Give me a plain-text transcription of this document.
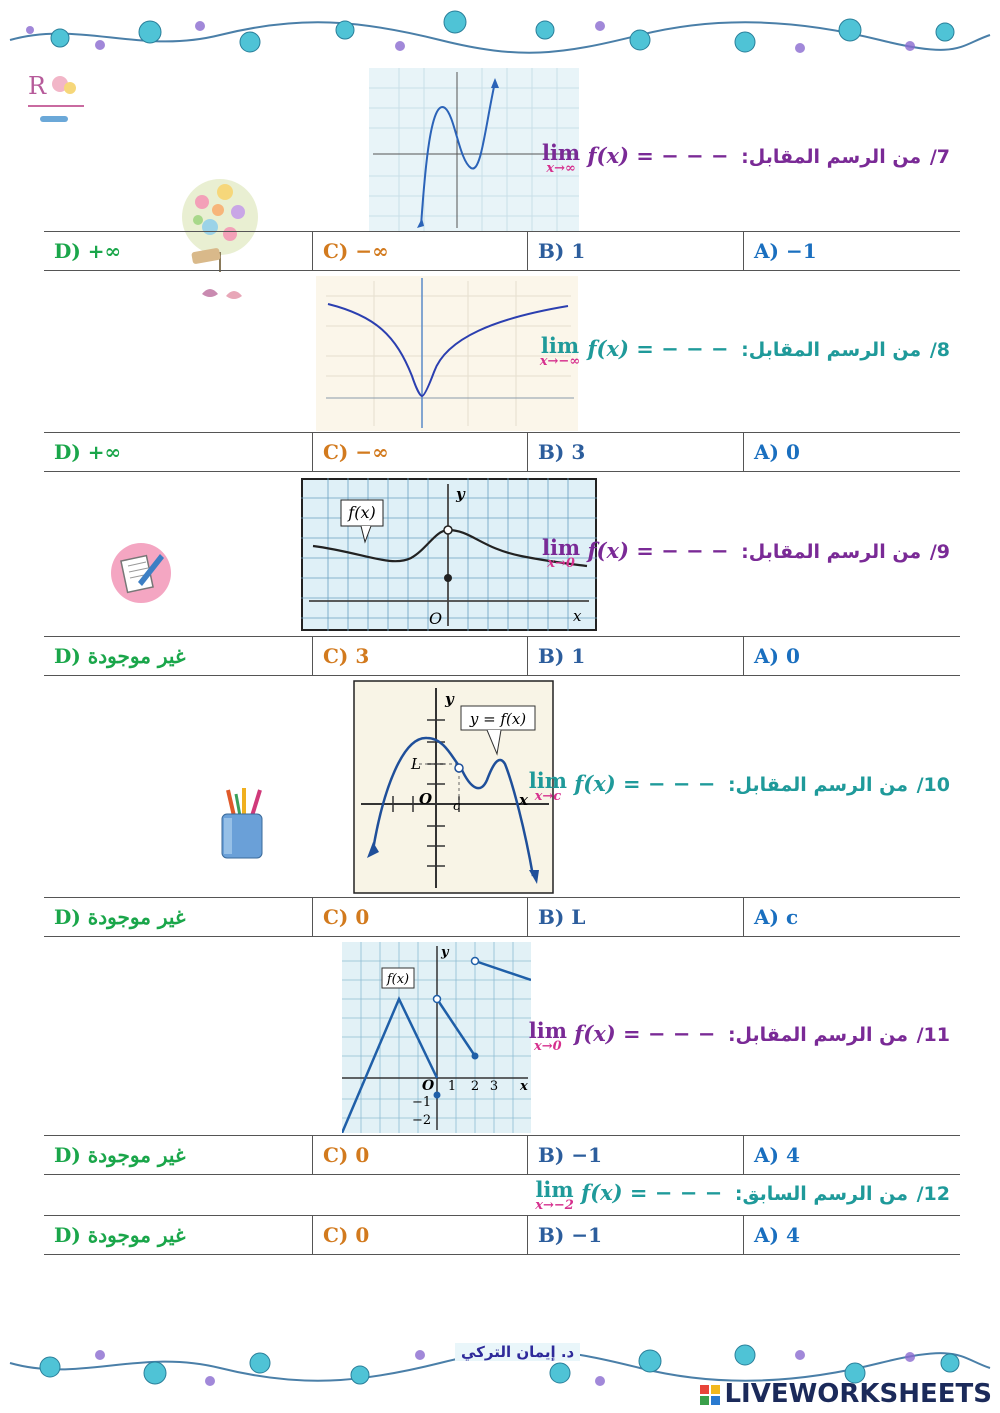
R
f(x)
y
O	x
y = f(x)
y
L
O c	x
f(x)
y
O 1 2 3
−1
−2
x
7/ من الرسم المقابل: lim
x→∞
f(x) = − − −
D) +∞	C) −∞	B) 1	A) −1
8/ من الرسم المقابل: lim
x→−∞
f(x) = − − −
D) +∞	C) −∞	B) 3	A) 0
9/ من الرسم المقابل: lim
x→0
f(x) = − − −
D) غير موجودة	C) 3	B) 1	A) 0
10/ من الرسم المقابل: lim
x→c
f(x) = − − −
D) غير موجودة	C) 0	B) L	A) c
11/ من الرسم المقابل: lim
x→0
f(x) = − − −
D) غير موجودة	C) 0	B) −1	A) 4
12/ من الرسم السابق: lim
x→−2
f(x) = − − −
D) غير موجودة	C) 0	B) −1	A) 4
د. إيمان التركي
LIVEWORKSHEETS
